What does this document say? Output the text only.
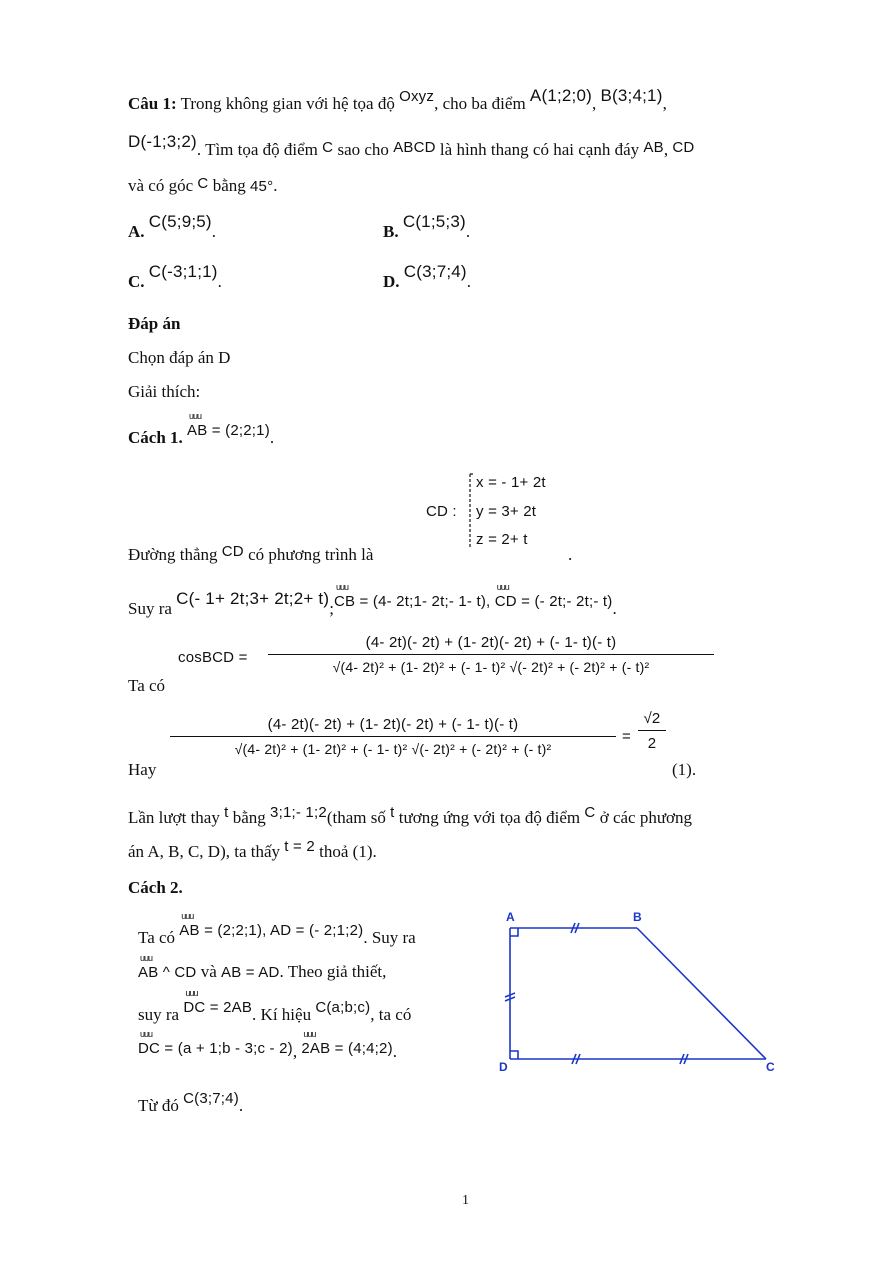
Câu 1: Trong không gian với hệ tọa độ Oxyz, cho ba điểm A(1;2;0), B(3;4;1),
D(-1;3;2). Tìm tọa độ điểm C sao cho ABCD là hình thang có hai cạnh đáy AB, CD
và có góc C bằng 45°.
A. C(5;9;5).	B. C(1;5;3).
C. C(-3;1;1).	D. C(3;7;4).
Đáp án
Chọn đáp án D
Giải thích:
Cách 1. uuu AB = (2;2;1).
CD :
x = - 1+ 2t
y = 3+ 2t
z = 2+ t
Đường thẳng CD có phương trình là	.
Suy ra C(- 1+ 2t;3+ 2t;2+ t);uuu CB = (4- 2t;1- 2t;- 1- t), uuu CD = (- 2t;- 2t;- t).
Ta có
cosBCD =
(4- 2t)(- 2t) + (1- 2t)(- 2t) + (- 1- t)(- t)
√(4- 2t)² + (1- 2t)² + (- 1- t)² √(- 2t)² + (- 2t)² + (- t)²
Hay
(4- 2t)(- 2t) + (1- 2t)(- 2t) + (- 1- t)(- t)
√(4- 2t)² + (1- 2t)² + (- 1- t)² √(- 2t)² + (- 2t)² + (- t)²
=
√2
2
(1).
Lần lượt thay t bằng 3;1;- 1;2(tham số t tương ứng với tọa độ điểm C ở các phương
án A, B, C, D), ta thấy t = 2 thoả (1).
Cách 2.
Ta có uuu AB = (2;2;1), AD = (- 2;1;2). Suy ra
uuu AB ^ CD và AB = AD. Theo giả thiết,
suy ra uuu DC = 2AB. Kí hiệu C(a;b;c), ta có
uuu DC = (a + 1;b - 3;c - 2), uuu 2AB = (4;4;2).
Từ đó C(3;7;4).
A	B
C
D
1
